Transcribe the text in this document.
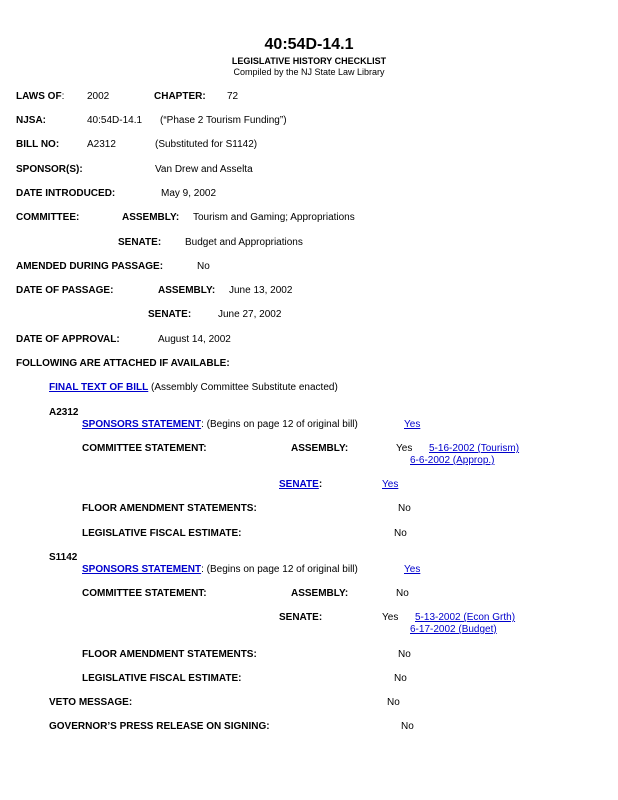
40:54D-14.1
LEGISLATIVE HISTORY CHECKLIST
Compiled by the NJ State Law Library
LAWS OF: 2002	CHAPTER: 72
NJSA:	40:54D-14.1 (“Phase 2 Tourism Funding”)
BILL NO:	A2312	(Substituted for S1142)
SPONSOR(S):	Van Drew and Asselta
DATE INTRODUCED:	May 9, 2002
COMMITTEE:	ASSEMBLY: Tourism and Gaming; Appropriations
SENATE: Budget and Appropriations
AMENDED DURING PASSAGE:	No
DATE OF PASSAGE:	ASSEMBLY: June 13, 2002
SENATE:	June 27, 2002
DATE OF APPROVAL:	August 14, 2002
FOLLOWING ARE ATTACHED IF AVAILABLE:
FINAL TEXT OF BILL (Assembly Committee Substitute enacted)
A2312
SPONSORS STATEMENT: (Begins on page 12 of original bill)	Yes
COMMITTEE STATEMENT:	ASSEMBLY:	Yes 5-16-2002 (Tourism)
6-6-2002 (Approp.)
SENATE:	Yes
FLOOR AMENDMENT STATEMENTS:	No
LEGISLATIVE FISCAL ESTIMATE:	No
S1142
SPONSORS STATEMENT: (Begins on page 12 of original bill)	Yes
COMMITTEE STATEMENT:	ASSEMBLY:	No
SENATE:	Yes 5-13-2002 (Econ Grth)
6-17-2002 (Budget)
FLOOR AMENDMENT STATEMENTS:	No
LEGISLATIVE FISCAL ESTIMATE:	No
VETO MESSAGE:	No
GOVERNOR’S PRESS RELEASE ON SIGNING:	No
